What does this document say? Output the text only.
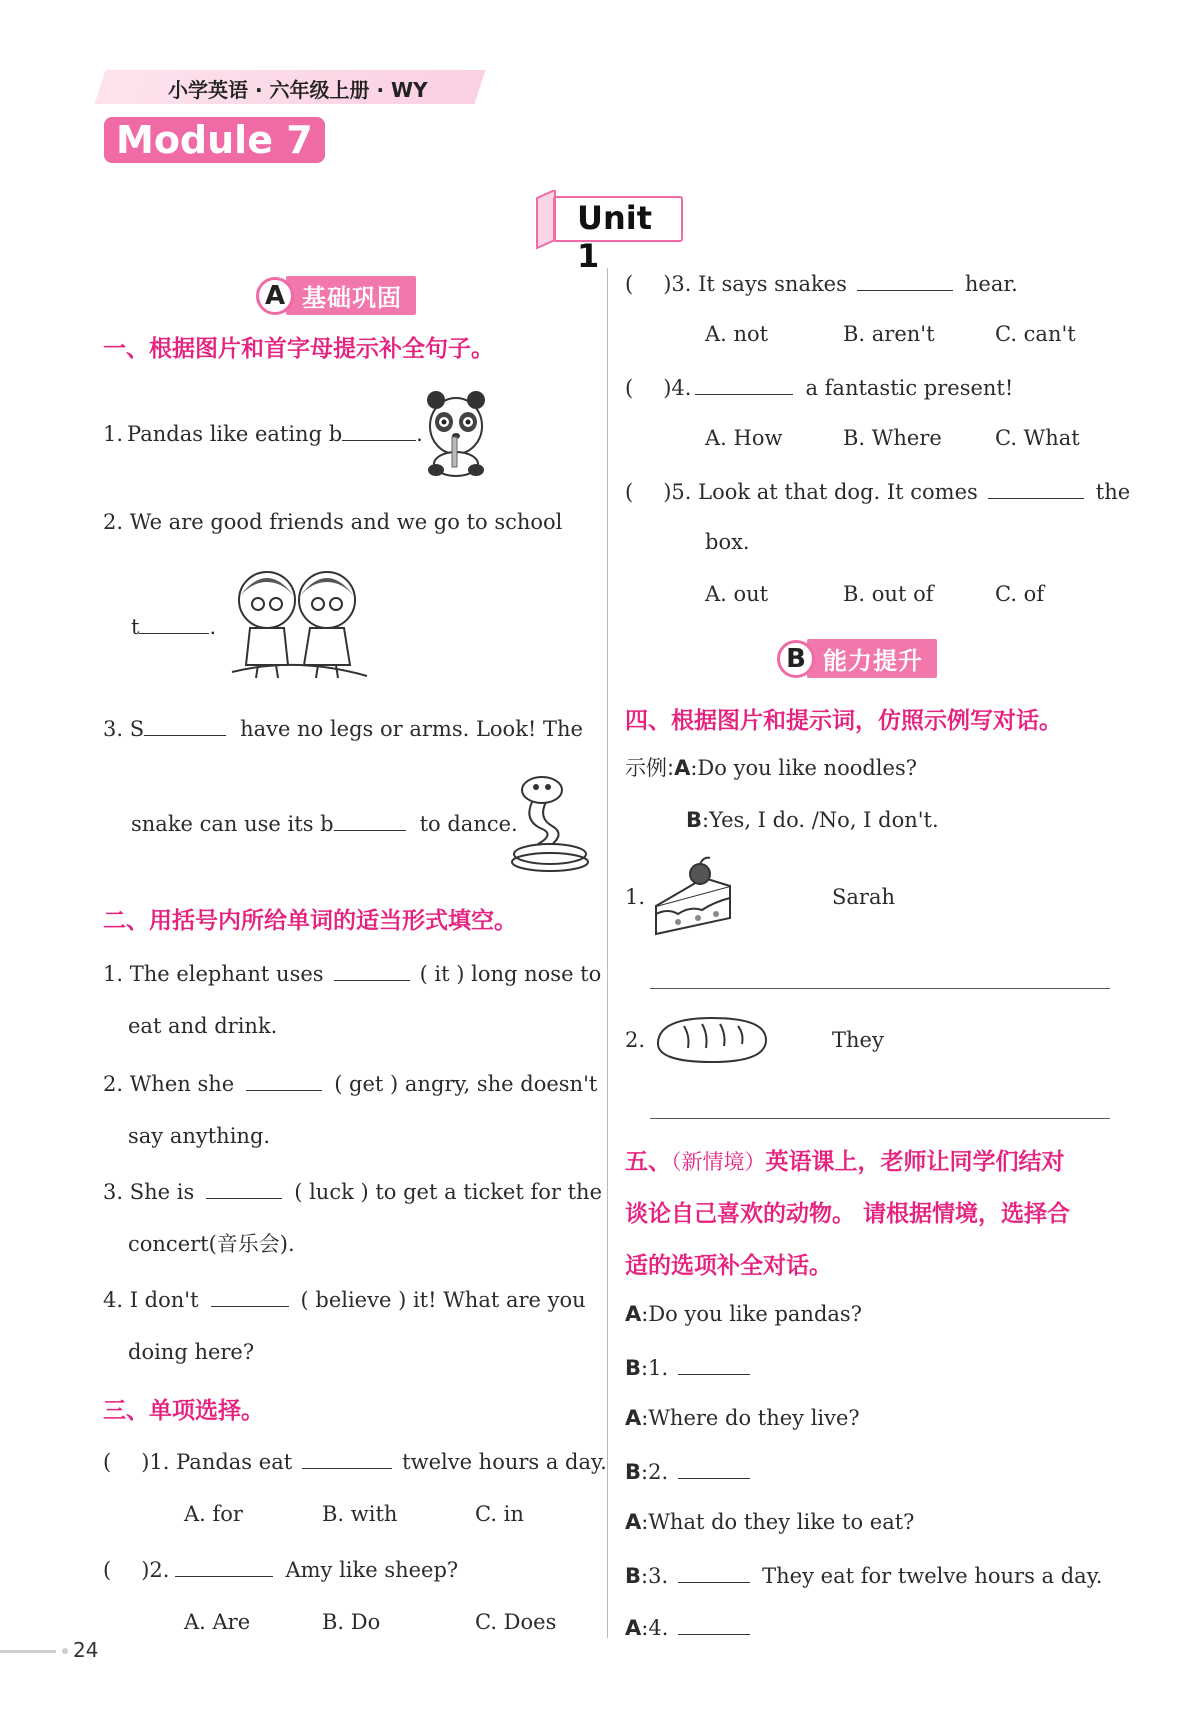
小学英语 · 六年级上册 · WY
Module 7
Unit 1
A 基础巩固
一、根据图片和首字母提示补全句子。
1. Pandas like eating b	.
2. We are good friends and we go to school
t	.
3. S	have no legs or arms. Look! The
snake can use its b	to dance.
二、用括号内所给单词的适当形式填空。
1. The elephant uses	( it ) long nose to
eat and drink.
2. When she	( get ) angry, she doesn't
say anything.
3. She is	( luck ) to get a ticket for the
concert(音乐会).
4. I don't	( believe ) it! What are you
doing here?
三、单项选择。
( )1. Pandas eat	twelve hours a day.
A. for	B. with	C. in
( )2.	Amy like sheep?
A. Are	B. Do	C. Does
( )3. It says snakes	hear.
A. not	B. aren't	C. can't
( )4.	a fantastic present!
A. How	B. Where	C. What
( )5. Look at that dog. It comes	the
box.
A. out	B. out of	C. of
B 能力提升
四、根据图片和提示词，仿照示例写对话。
示例:A:Do you like noodles?
B:Yes, I do. /No, I don't.
1.	Sarah
2.	They
五、（新情境）英语课上，老师让同学们结对
谈论自己喜欢的动物。 请根据情境，选择合
适的选项补全对话。
A:Do you like pandas?
B:1.
A:Where do they live?
B:2.
A:What do they like to eat?
B:3.	They eat for twelve hours a day.
A:4.
24
